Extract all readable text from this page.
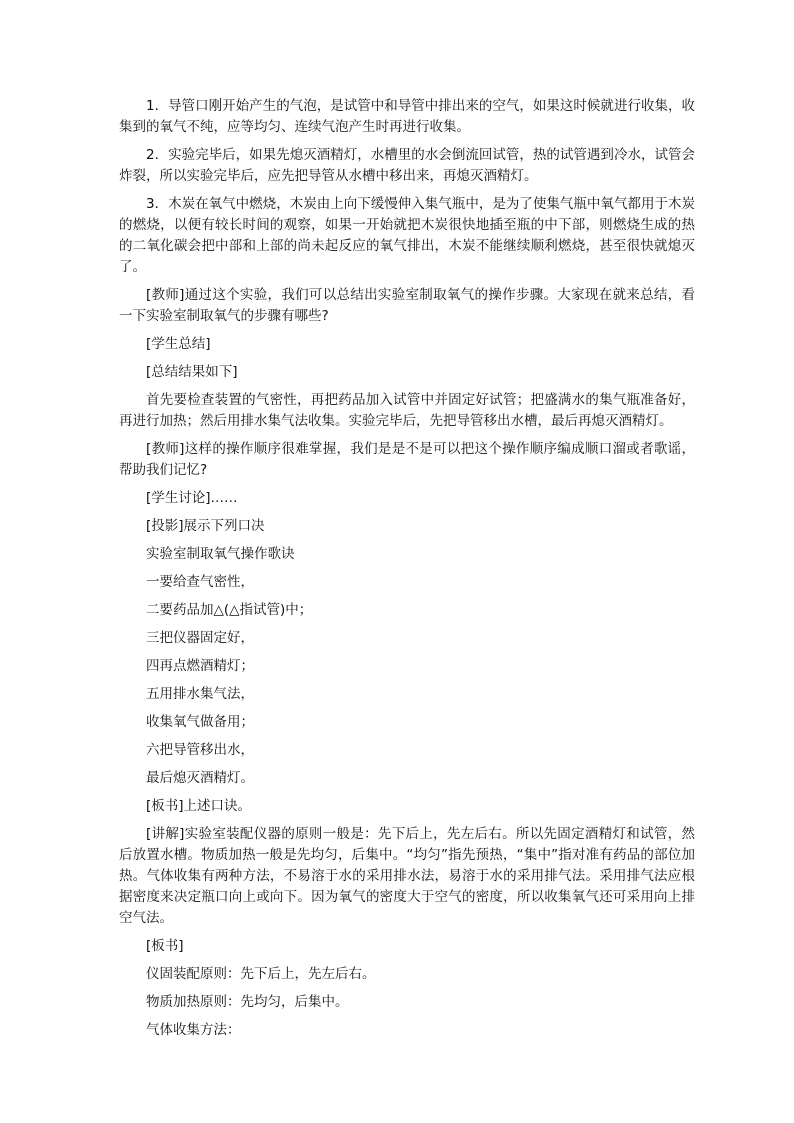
1．导管口刚开始产生的气泡，是试管中和导管中排出来的空气，如果这时候就进行收集，收集到的氧气不纯，应等均匀、连续气泡产生时再进行收集。

2．实验完毕后，如果先熄灭酒精灯，水槽里的水会倒流回试管，热的试管遇到冷水，试管会炸裂，所以实验完毕后，应先把导管从水槽中移出来，再熄灭酒精灯。

3．木炭在氧气中燃烧，木炭由上向下缓慢伸入集气瓶中，是为了使集气瓶中氧气都用于木炭的燃烧，以便有较长时间的观察，如果一开始就把木炭很快地插至瓶的中下部，则燃烧生成的热的二氧化碳会把中部和上部的尚未起反应的氧气排出，木炭不能继续顺利燃烧，甚至很快就熄灭了。

[教师]通过这个实验，我们可以总结出实验室制取氧气的操作步骤。大家现在就来总结，看一下实验室制取氧气的步骤有哪些?

[学生总结]

[总结结果如下]

首先要检查装置的气密性，再把药品加入试管中并固定好试管；把盛满水的集气瓶准备好，再进行加热；然后用排水集气法收集。实验完毕后，先把导管移出水槽，最后再熄灭酒精灯。

[教师]这样的操作顺序很难掌握，我们是是不是可以把这个操作顺序编成顺口溜或者歌谣，帮助我们记忆?

[学生讨论]……

[投影]展示下列口决

实验室制取氧气操作歌诀

一要给查气密性，

二要药品加△(△指试管)中；

三把仪器固定好，

四再点燃酒精灯；

五用排水集气法，

收集氧气做备用；

六把导管移出水，

最后熄灭酒精灯。

[板书]上述口诀。

[讲解]实验室装配仪器的原则一般是：先下后上，先左后右。所以先固定酒精灯和试管，然后放置水槽。物质加热一般是先均匀，后集中。“均匀”指先预热，“集中”指对准有药品的部位加热。气体收集有两种方法，不易溶于水的采用排水法，易溶于水的采用排气法。采用排气法应根据密度来决定瓶口向上或向下。因为氧气的密度大于空气的密度，所以收集氧气还可采用向上排空气法。

[板书]

仪固装配原则：先下后上，先左后右。

物质加热原则：先均匀，后集中。

气体收集方法：
